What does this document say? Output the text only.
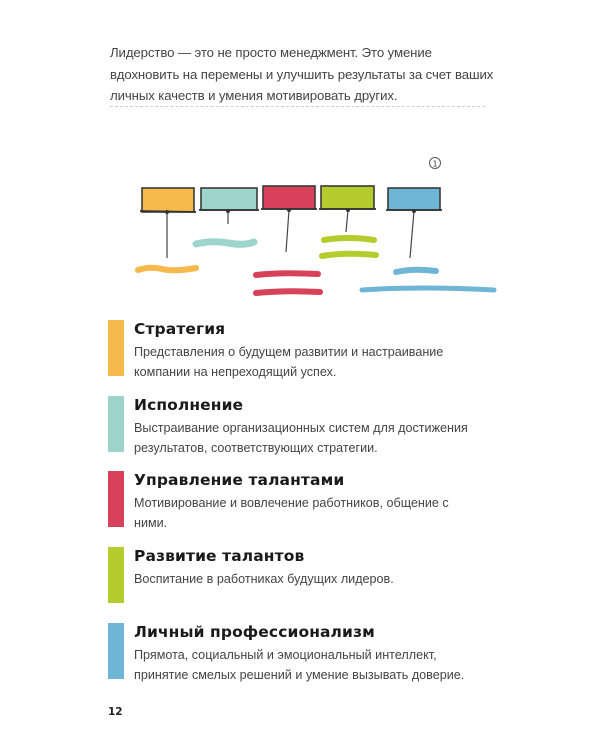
Лидерство — это не просто менеджмент. Это умение вдохновить на перемены и улучшить результаты за счет ваших личных качеств и умения мотивировать других.

1
Стратегия

Представления о будущем развитии и настраивание компании на непреходящий успех.

Исполнение

Выстраивание организационных систем для достижения результатов, соответствующих стратегии.

Управление талантами

Мотивирование и вовлечение работников, общение с ними.

Развитие талантов

Воспитание в работниках будущих лидеров.

Личный профессионализм

Прямота, социальный и эмоциональный интеллект, принятие смелых решений и умение вызывать доверие.

12
